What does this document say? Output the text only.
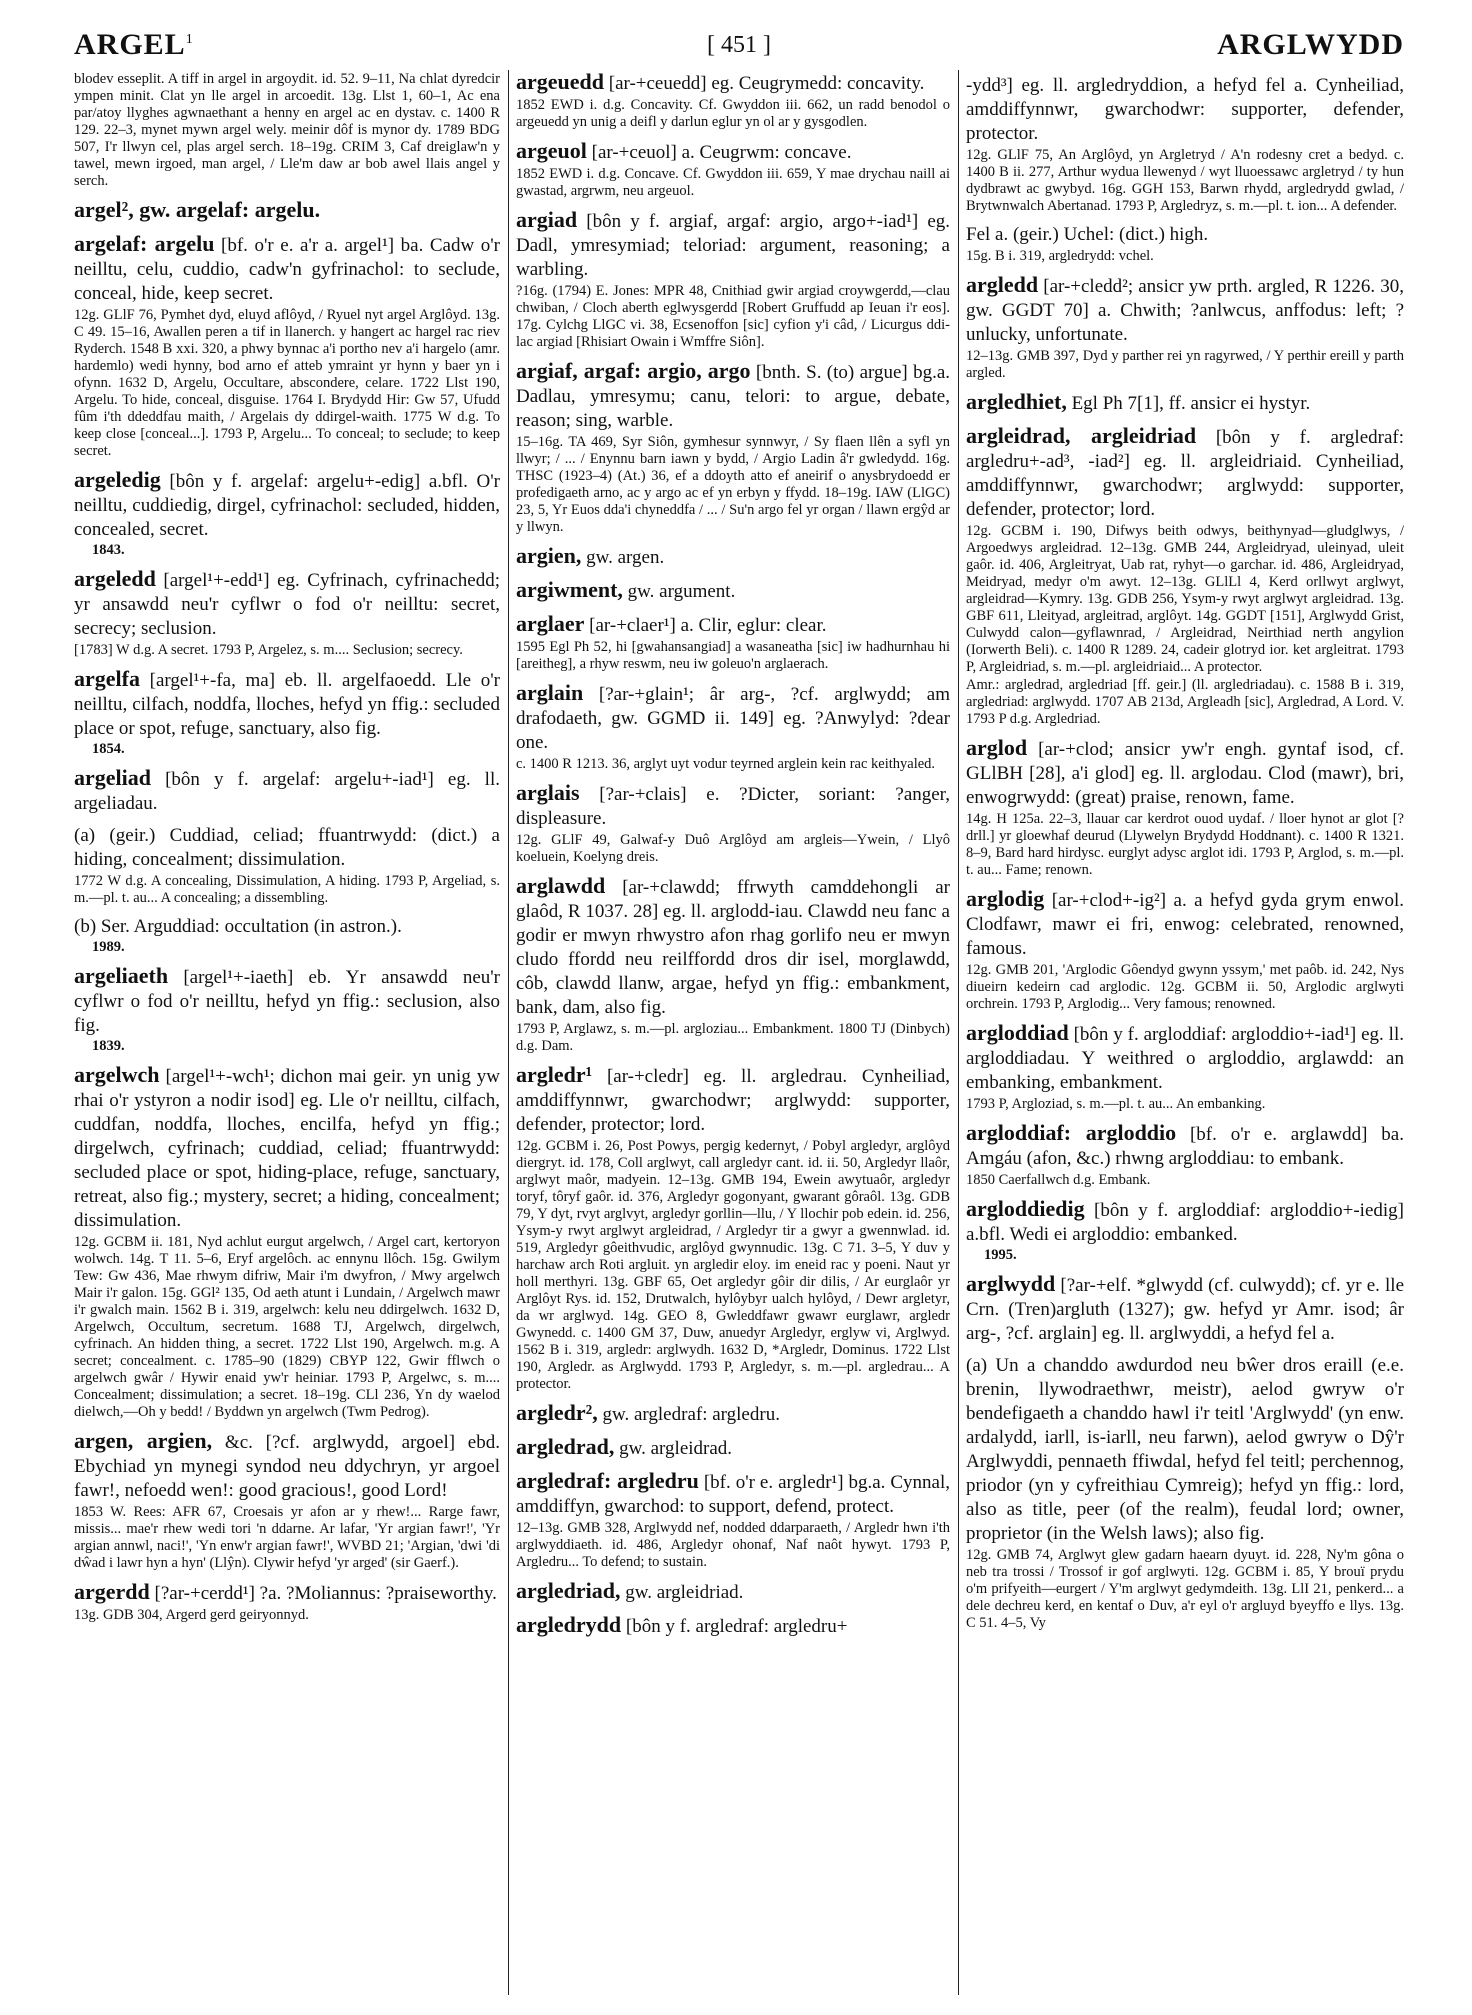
ARGEL$^1$	[ 451 ]	ARGLWYDD

blodev esseplit. A tiff in argel in argoydit. id. 52. 9–11, Na chlat dyredcir ympen minit. Clat yn lle argel in arcoedit. 13g. Llst 1, 60–1, Ac ena par/atoy llyghes agwnaethant a henny en argel ac en dystav. c. 1400 R 129. 22–3, mynet mywn argel wely. meinir dôf is mynor dy. 1789 BDG 507, I'r llwyn cel, plas argel serch. 18–19g. CRIM 3, Caf dreiglaw'n y tawel, mewn irgoed, man argel, / Lle'm daw ar bob awel llais angel y serch.

argel², gw. argelaf: argelu.

argelaf: argelu [bf. o'r e. a'r a. argel¹] ba. Cadw o'r neilltu, celu, cuddio, cadw'n gyfrinachol: to seclude, conceal, hide, keep secret.

12g. GLlF 76, Pymhet dyd, eluyd aflôyd, / Ryuel nyt argel Arglôyd. 13g. C 49. 15–16, Awallen peren a tif in llanerch. y hangert ac hargel rac riev Ryderch. 1548 B xxi. 320, a phwy bynnac a'i portho nev a'i hargelo (amr. hardemlo) wedi hynny, bod arno ef atteb ymraint yr hynn y baer yn i ofynn. 1632 D, Argelu, Occultare, abscondere, celare. 1722 Llst 190, Argelu. To hide, conceal, disguise. 1764 I. Brydydd Hir: Gw 57, Ufudd fûm i'th ddeddfau maith, / Argelais dy ddirgel-waith. 1775 W d.g. To keep close [conceal...]. 1793 P, Argelu... To conceal; to seclude; to keep secret.

argeledig [bôn y f. argelaf: argelu+-edig] a.bfl. O'r neilltu, cuddiedig, dirgel, cyfrinachol: secluded, hidden, concealed, secret.

1843.

argeledd [argel¹+-edd¹] eg. Cyfrinach, cyfrinachedd; yr ansawdd neu'r cyflwr o fod o'r neilltu: secret, secrecy; seclusion.

[1783] W d.g. A secret. 1793 P, Argelez, s. m.... Seclusion; secrecy.

argelfa [argel¹+-fa, ma] eb. ll. argelfaoedd. Lle o'r neilltu, cilfach, noddfa, lloches, hefyd yn ffig.: secluded place or spot, refuge, sanctuary, also fig.

1854.

argeliad [bôn y f. argelaf: argelu+-iad¹] eg. ll. argeliadau.

(a) (geir.) Cuddiad, celiad; ffuantrwydd: (dict.) a hiding, concealment; dissimulation.

1772 W d.g. A concealing, Dissimulation, A hiding. 1793 P, Argeliad, s. m.—pl. t. au... A concealing; a dissembling.

(b) Ser. Arguddiad: occultation (in astron.).

1989.

argeliaeth [argel¹+-iaeth] eb. Yr ansawdd neu'r cyflwr o fod o'r neilltu, hefyd yn ffig.: seclusion, also fig.

1839.

argelwch [argel¹+-wch¹; dichon mai geir. yn unig yw rhai o'r ystyron a nodir isod] eg. Lle o'r neilltu, cilfach, cuddfan, noddfa, lloches, encilfa, hefyd yn ffig.; dirgelwch, cyfrinach; cuddiad, celiad; ffuantrwydd: secluded place or spot, hiding-place, refuge, sanctuary, retreat, also fig.; mystery, secret; a hiding, concealment; dissimulation.

12g. GCBM ii. 181, Nyd achlut eurgut argelwch, / Argel cart, kertoryon wolwch. 14g. T 11. 5–6, Eryf argelôch. ac ennynu llôch. 15g. Gwilym Tew: Gw 436, Mae rhwym difriw, Mair i'm dwyfron, / Mwy argelwch Mair i'r galon. 15g. GGl² 135, Od aeth atunt i Lundain, / Argelwch mawr i'r gwalch main. 1562 B i. 319, argelwch: kelu neu ddirgelwch. 1632 D, Argelwch, Occultum, secretum. 1688 TJ, Argelwch, dirgelwch, cyfrinach. An hidden thing, a secret. 1722 Llst 190, Argelwch. m.g. A secret; concealment. c. 1785–90 (1829) CBYP 122, Gwir fflwch o argelwch gwâr / Hywir enaid yw'r heiniar. 1793 P, Argelwc, s. m.... Concealment; dissimulation; a secret. 18–19g. CLl 236, Yn dy waelod dielwch,—Oh y bedd! / Byddwn yn argelwch (Twm Pedrog).

argen, argien, &c. [?cf. arglwydd, argoel] ebd. Ebychiad yn mynegi syndod neu ddychryn, yr argoel fawr!, nefoedd wen!: good gracious!, good Lord!

1853 W. Rees: AFR 67, Croesais yr afon ar y rhew!... Rarge fawr, missis... mae'r rhew wedi tori 'n ddarne. Ar lafar, 'Yr argian fawr!', 'Yr argian annwl, naci!', 'Yn enw'r argian fawr!', WVBD 21; 'Argian, 'dwi 'di dŵad i lawr hyn a hyn' (Llŷn). Clywir hefyd 'yr arged' (sir Gaerf.).

argerdd [?ar-+cerdd¹] ?a. ?Moliannus: ?praiseworthy.

13g. GDB 304, Argerd gerd geiryonnyd.

argeuedd [ar-+ceuedd] eg. Ceugrymedd: concavity.

1852 EWD i. d.g. Concavity. Cf. Gwyddon iii. 662, un radd benodol o argeuedd yn unig a deifl y darlun eglur yn ol ar y gysgodlen.

argeuol [ar-+ceuol] a. Ceugrwm: concave.

1852 EWD i. d.g. Concave. Cf. Gwyddon iii. 659, Y mae drychau naill ai gwastad, argrwm, neu argeuol.

argiad [bôn y f. argiaf, argaf: argio, argo+-iad¹] eg. Dadl, ymresymiad; teloriad: argument, reasoning; a warbling.

?16g. (1794) E. Jones: MPR 48, Cnithiad gwir argiad croywgerdd,—clau chwiban, / Cloch aberth eglwysgerdd [Robert Gruffudd ap Ieuan i'r eos]. 17g. Cylchg LlGC vi. 38, Ecsenoffon [sic] cyfion y'i câd, / Licurgus ddi-lac argiad [Rhisiart Owain i Wmffre Siôn].

argiaf, argaf: argio, argo [bnth. S. (to) argue] bg.a. Dadlau, ymresymu; canu, telori: to argue, debate, reason; sing, warble.

15–16g. TA 469, Syr Siôn, gymhesur synnwyr, / Sy flaen llên a syfl yn llwyr; / ... / Enynnu barn iawn y bydd, / Argio Ladin â'r gwledydd. 16g. THSC (1923–4) (At.) 36, ef a ddoyth atto ef aneirif o anysbrydoedd er profedigaeth arno, ac y argo ac ef yn erbyn y ffydd. 18–19g. IAW (LlGC) 23, 5, Yr Euos dda'i chyneddfa / ... / Su'n argo fel yr organ / llawn ergŷd ar y llwyn.

argien, gw. argen.

argiwment, gw. argument.

arglaer [ar-+claer¹] a. Clir, eglur: clear.

1595 Egl Ph 52, hi [gwahansangiad] a wasaneatha [sic] iw hadhurnhau hi [areitheg], a rhyw reswm, neu iw goleuo'n arglaerach.

arglain [?ar-+glain¹; âr arg-, ?cf. arglwydd; am drafodaeth, gw. GGMD ii. 149] eg. ?Anwylyd: ?dear one.

c. 1400 R 1213. 36, arglyt uyt vodur teyrned arglein kein rac keithyaled.

arglais [?ar-+clais] e. ?Dicter, soriant: ?anger, displeasure.

12g. GLlF 49, Galwaf-y Duô Arglôyd am argleis—Ywein, / Llyô koeluein, Koelyng dreis.

arglawdd [ar-+clawdd; ffrwyth camddehongli ar glaôd, R 1037. 28] eg. ll. arglodd-iau. Clawdd neu fanc a godir er mwyn rhwystro afon rhag gorlifo neu er mwyn cludo ffordd neu reilffordd dros dir isel, morglawdd, côb, clawdd llanw, argae, hefyd yn ffig.: embankment, bank, dam, also fig.

1793 P, Arglawz, s. m.—pl. argloziau... Embankment. 1800 TJ (Dinbych) d.g. Dam.

argledr¹ [ar-+cledr] eg. ll. argledrau. Cynheiliad, amddiffynnwr, gwarchodwr; arglwydd: supporter, defender, protector; lord.

12g. GCBM i. 26, Post Powys, pergig kedernyt, / Pobyl argledyr, arglôyd diergryt. id. 178, Coll arglwyt, call argledyr cant. id. ii. 50, Argledyr llaôr, arglwyt maôr, madyein. 12–13g. GMB 194, Ewein awytuaôr, argledyr toryf, tôryf gaôr. id. 376, Argledyr gogonyant, gwarant gôraôl. 13g. GDB 79, Y dyt, rvyt arglvyt, argledyr gorllin—llu, / Y llochir pob edein. id. 256, Ysym-y rwyt arglwyt argleidrad, / Argledyr tir a gwyr a gwennwlad. id. 519, Argledyr gôeithvudic, arglôyd gwynnudic. 13g. C 71. 3–5, Y duv y harchaw arch Roti argluit. yn argledir eloy. im eneid rac y poeni. Naut yr holl merthyri. 13g. GBF 65, Oet argledyr gôir dir dilis, / Ar eurglaôr yr Arglôyt Rys. id. 152, Drutwalch, hylôybyr ualch hylôyd, / Dewr argletyr, da wr arglwyd. 14g. GEO 8, Gwleddfawr gwawr eurglawr, argledr Gwynedd. c. 1400 GM 37, Duw, anuedyr Argledyr, erglyw vi, Arglwyd. 1562 B i. 319, argledr: arglwydh. 1632 D, *Argledr, Dominus. 1722 Llst 190, Argledr. as Arglwydd. 1793 P, Argledyr, s. m.—pl. argledrau... A protector.

argledr², gw. argledraf: argledru.

argledrad, gw. argleidrad.

argledraf: argledru [bf. o'r e. argledr¹] bg.a. Cynnal, amddiffyn, gwarchod: to support, defend, protect.

12–13g. GMB 328, Arglwydd nef, nodded ddarparaeth, / Argledr hwn i'th arglwyddiaeth. id. 486, Argledyr ohonaf, Naf naôt hywyt. 1793 P, Argledru... To defend; to sustain.

argledriad, gw. argleidriad.

argledrydd [bôn y f. argledraf: argledru+

-ydd³] eg. ll. argledryddion, a hefyd fel a. Cynheiliad, amddiffynnwr, gwarchodwr: supporter, defender, protector.

12g. GLlF 75, An Arglôyd, yn Argletryd / A'n rodesny cret a bedyd. c. 1400 B ii. 277, Arthur wydua llewenyd / wyt lluoessawc argletryd / ty hun dydbrawt ac gwybyd. 16g. GGH 153, Barwn rhydd, argledrydd gwlad, / Brytwnwalch Abertanad. 1793 P, Argledryz, s. m.—pl. t. ion... A defender.

Fel a. (geir.) Uchel: (dict.) high.

15g. B i. 319, argledrydd: vchel.

argledd [ar-+cledd²; ansicr yw prth. argled, R 1226. 30, gw. GGDT 70] a. Chwith; ?anlwcus, anffodus: left; ?unlucky, unfortunate.

12–13g. GMB 397, Dyd y parther rei yn ragyrwed, / Y perthir ereill y parth argled.

argledhiet, Egl Ph 7[1], ff. ansicr ei hystyr.

argleidrad, argleidriad [bôn y f. argledraf: argledru+-ad³, -iad²] eg. ll. argleidriaid. Cynheiliad, amddiffynnwr, gwarchodwr; arglwydd: supporter, defender, protector; lord.

12g. GCBM i. 190, Difwys beith odwys, beithynyad—gludglwys, / Argoedwys argleidrad. 12–13g. GMB 244, Argleidryad, uleinyad, uleit gaôr. id. 406, Argleitryat, Uab rat, ryhyt—o garchar. id. 486, Argleidryad, Meidryad, medyr o'm awyt. 12–13g. GLlLl 4, Kerd orllwyt arglwyt, argleidrad—Kymry. 13g. GDB 256, Ysym-y rwyt arglwyt argleidrad. 13g. GBF 611, Lleityad, argleitrad, arglôyt. 14g. GGDT [151], Arglwydd Grist, Culwydd calon—gyflawnrad, / Argleidrad, Neirthiad nerth angylion (Iorwerth Beli). c. 1400 R 1289. 24, cadeir glotryd ior. ket argleitrat. 1793 P, Argleidriad, s. m.—pl. argleidriaid... A protector.

Amr.: argledrad, argledriad [ff. geir.] (ll. argledriadau). c. 1588 B i. 319, argledriad: arglwydd. 1707 AB 213d, Argleadh [sic], Argledrad, A Lord. V. 1793 P d.g. Argledriad.

arglod [ar-+clod; ansicr yw'r engh. gyntaf isod, cf. GLlBH [28], a'i glod] eg. ll. arglodau. Clod (mawr), bri, enwogrwydd: (great) praise, renown, fame.

14g. H 125a. 22–3, llauar car kerdrot ouod uydaf. / lloer hynot ar glot [?drll.] yr gloewhaf deurud (Llywelyn Brydydd Hoddnant). c. 1400 R 1321. 8–9, Bard hard hirdysc. eurglyt adysc arglot idi. 1793 P, Arglod, s. m.—pl. t. au... Fame; renown.

arglodig [ar-+clod+-ig²] a. a hefyd gyda grym enwol. Clodfawr, mawr ei fri, enwog: celebrated, renowned, famous.

12g. GMB 201, 'Arglodic Gôendyd gwynn yssym,' met paôb. id. 242, Nys diueirn kedeirn cad arglodic. 12g. GCBM ii. 50, Arglodic arglwyti orchrein. 1793 P, Arglodig... Very famous; renowned.

argloddiad [bôn y f. argloddiaf: argloddio+-iad¹] eg. ll. argloddiadau. Y weithred o argloddio, arglawdd: an embanking, embankment.

1793 P, Argloziad, s. m.—pl. t. au... An embanking.

argloddiaf: argloddio [bf. o'r e. arglawdd] ba. Amgáu (afon, &c.) rhwng argloddiau: to embank.

1850 Caerfallwch d.g. Embank.

argloddiedig [bôn y f. argloddiaf: argloddio+-iedig] a.bfl. Wedi ei argloddio: embanked.

1995.

arglwydd [?ar-+elf. *glwydd (cf. culwydd); cf. yr e. lle Crn. (Tren)argluth (1327); gw. hefyd yr Amr. isod; âr arg-, ?cf. arglain] eg. ll. arglwyddi, a hefyd fel a.

(a) Un a chanddo awdurdod neu bŵer dros eraill (e.e. brenin, llywodraethwr, meistr), aelod gwryw o'r bendefigaeth a chanddo hawl i'r teitl 'Arglwydd' (yn enw. ardalydd, iarll, is-iarll, neu farwn), aelod gwryw o Dŷ'r Arglwyddi, pennaeth ffiwdal, hefyd fel teitl; perchennog, priodor (yn y cyfreithiau Cymreig); hefyd yn ffig.: lord, also as title, peer (of the realm), feudal lord; owner, proprietor (in the Welsh laws); also fig.

12g. GMB 74, Arglwyt glew gadarn haearn dyuyt. id. 228, Ny'm gôna o neb tra trossi / Trossof ir gof arglwyti. 12g. GCBM i. 85, Y brouï prydu o'm prifyeith—eurgert / Y'm arglwyt gedymdeith. 13g. LlI 21, penkerd... a dele dechreu kerd, en kentaf o Duv, a'r eyl o'r argluyd byeyffo e llys. 13g. C 51. 4–5, Vy
